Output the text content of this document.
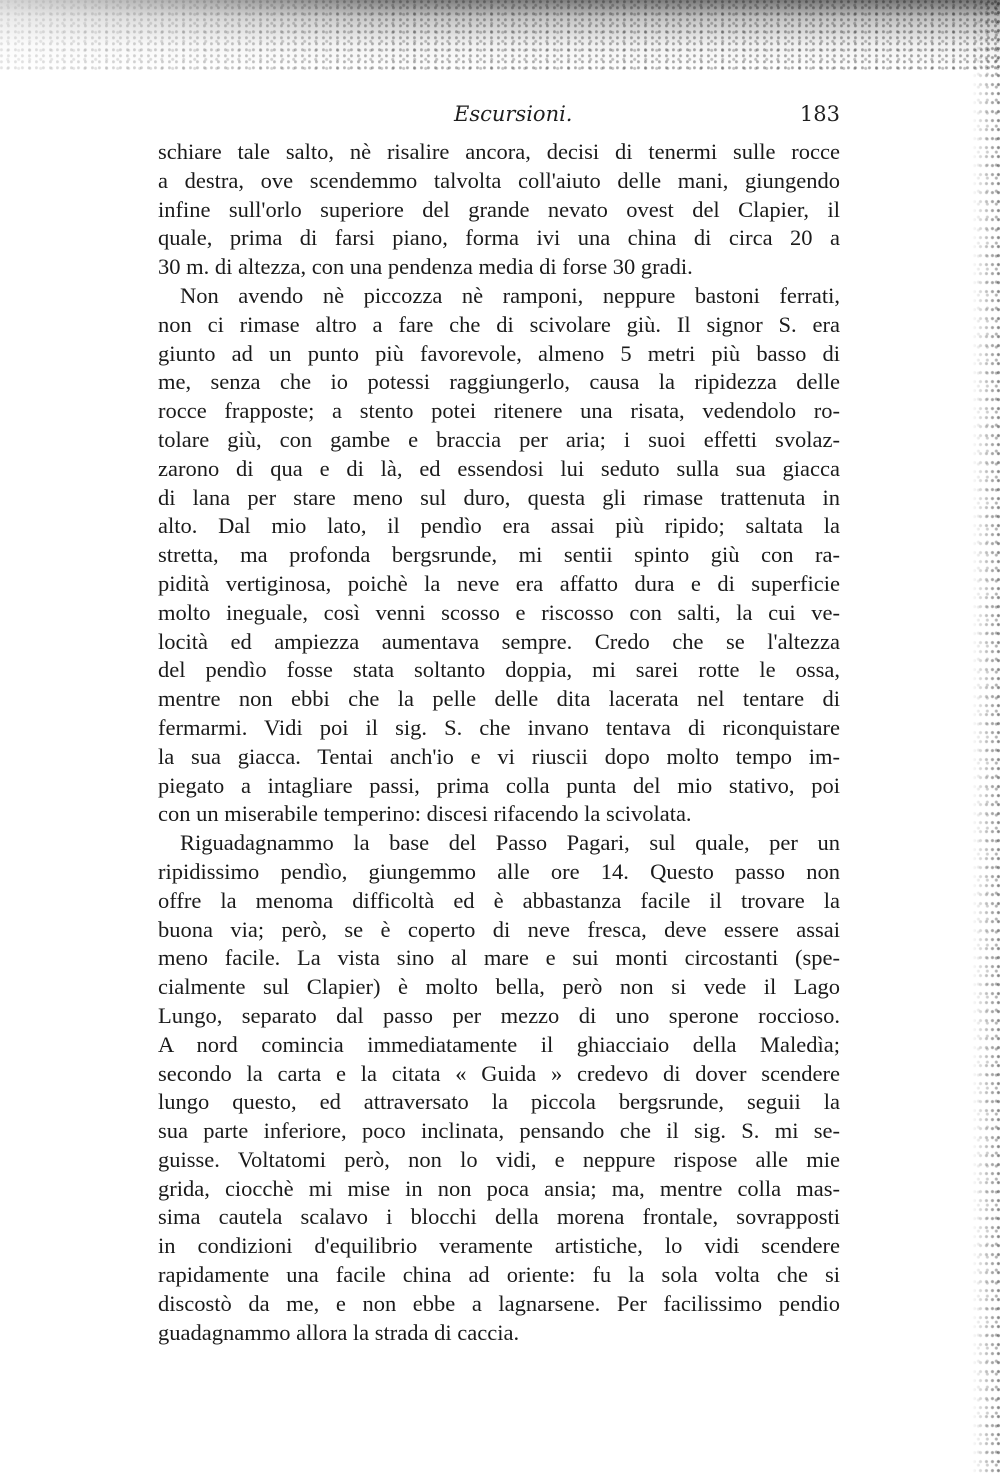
Escursioni.	183
schiare tale salto, nè risalire ancora, decisi di tenermi sulle rocce
a destra, ove scendemmo talvolta coll'aiuto delle mani, giungendo
infine sull'orlo superiore del grande nevato ovest del Clapier, il
quale, prima di farsi piano, forma ivi una china di circa 20 a
30 m. di altezza, con una pendenza media di forse 30 gradi.
Non avendo nè piccozza nè ramponi, neppure bastoni ferrati,
non ci rimase altro a fare che di scivolare giù. Il signor S. era
giunto ad un punto più favorevole, almeno 5 metri più basso di
me, senza che io potessi raggiungerlo, causa la ripidezza delle
rocce frapposte; a stento potei ritenere una risata, vedendolo ro-
tolare giù, con gambe e braccia per aria; i suoi effetti svolaz-
zarono di qua e di là, ed essendosi lui seduto sulla sua giacca
di lana per stare meno sul duro, questa gli rimase trattenuta in
alto. Dal mio lato, il pendìo era assai più ripido; saltata la
stretta, ma profonda bergsrunde, mi sentii spinto giù con ra-
pidità vertiginosa, poichè la neve era affatto dura e di superficie
molto ineguale, così venni scosso e riscosso con salti, la cui ve-
locità ed ampiezza aumentava sempre. Credo che se l'altezza
del pendìo fosse stata soltanto doppia, mi sarei rotte le ossa,
mentre non ebbi che la pelle delle dita lacerata nel tentare di
fermarmi. Vidi poi il sig. S. che invano tentava di riconquistare
la sua giacca. Tentai anch'io e vi riuscii dopo molto tempo im-
piegato a intagliare passi, prima colla punta del mio stativo, poi
con un miserabile temperino: discesi rifacendo la scivolata.
Riguadagnammo la base del Passo Pagari, sul quale, per un
ripidissimo pendìo, giungemmo alle ore 14. Questo passo non
offre la menoma difficoltà ed è abbastanza facile il trovare la
buona via; però, se è coperto di neve fresca, deve essere assai
meno facile. La vista sino al mare e sui monti circostanti (spe-
cialmente sul Clapier) è molto bella, però non si vede il Lago
Lungo, separato dal passo per mezzo di uno sperone roccioso.
A nord comincia immediatamente il ghiacciaio della Maledìa;
secondo la carta e la citata « Guida » credevo di dover scendere
lungo questo, ed attraversato la piccola bergsrunde, seguii la
sua parte inferiore, poco inclinata, pensando che il sig. S. mi se-
guisse. Voltatomi però, non lo vidi, e neppure rispose alle mie
grida, ciocchè mi mise in non poca ansia; ma, mentre colla mas-
sima cautela scalavo i blocchi della morena frontale, sovrapposti
in condizioni d'equilibrio veramente artistiche, lo vidi scendere
rapidamente una facile china ad oriente: fu la sola volta che si
discostò da me, e non ebbe a lagnarsene. Per facilissimo pendio
guadagnammo allora la strada di caccia.
